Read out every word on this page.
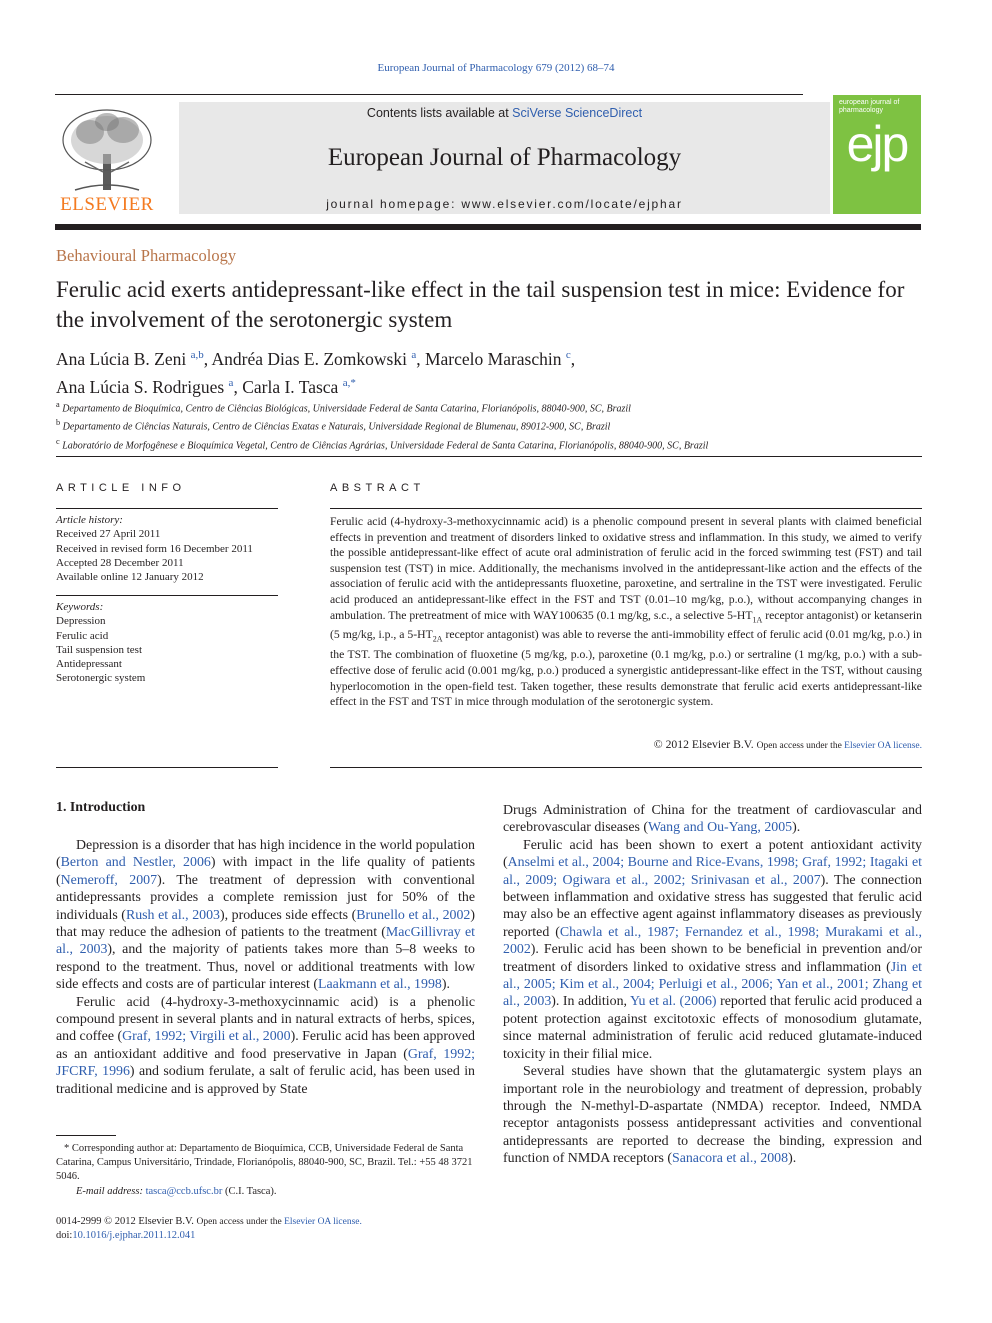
European Journal of Pharmacology 679 (2012) 68–74
ELSEVIER
Contents lists available at SciVerse ScienceDirect
European Journal of Pharmacology
journal homepage: www.elsevier.com/locate/ejphar
european journal of pharmacology
ejp
Behavioural Pharmacology
Ferulic acid exerts antidepressant-like effect in the tail suspension test in mice: Evidence for the involvement of the serotonergic system
Ana Lúcia B. Zeni $^{a,b}$, Andréa Dias E. Zomkowski $^a$, Marcelo Maraschin $^c$,
Ana Lúcia S. Rodrigues $^a$, Carla I. Tasca $^{a,*}$
$^a$ Departamento de Bioquímica, Centro de Ciências Biológicas, Universidade Federal de Santa Catarina, Florianópolis, 88040-900, SC, Brazil
$^b$ Departamento de Ciências Naturais, Centro de Ciências Exatas e Naturais, Universidade Regional de Blumenau, 89012-900, SC, Brazil
$^c$ Laboratório de Morfogênese e Bioquímica Vegetal, Centro de Ciências Agrárias, Universidade Federal de Santa Catarina, Florianópolis, 88040-900, SC, Brazil
ARTICLE INFO
Article history:
Received 27 April 2011
Received in revised form 16 December 2011
Accepted 28 December 2011
Available online 12 January 2012
Keywords:
Depression
Ferulic acid
Tail suspension test
Antidepressant
Serotonergic system
ABSTRACT
Ferulic acid (4-hydroxy-3-methoxycinnamic acid) is a phenolic compound present in several plants with claimed beneficial effects in prevention and treatment of disorders linked to oxidative stress and inflammation. In this study, we aimed to verify the possible antidepressant-like effect of acute oral administration of ferulic acid in the forced swimming test (FST) and tail suspension test (TST) in mice. Additionally, the mechanisms involved in the antidepressant-like action and the effects of the association of ferulic acid with the antidepressants fluoxetine, paroxetine, and sertraline in the TST were investigated. Ferulic acid produced an antidepressant-like effect in the FST and TST (0.01–10 mg/kg, p.o.), without accompanying changes in ambulation. The pretreatment of mice with WAY100635 (0.1 mg/kg, s.c., a selective $5-HT_{1A}$ receptor antagonist) or ketanserin (5 mg/kg, i.p., a $5-HT_{2A}$ receptor antagonist) was able to reverse the anti-immobility effect of ferulic acid (0.01 mg/kg, p.o.) in the TST. The combination of fluoxetine (5 mg/kg, p.o.), paroxetine (0.1 mg/kg, p.o.) or sertraline (1 mg/kg, p.o.) with a sub-effective dose of ferulic acid (0.001 mg/kg, p.o.) produced a synergistic antidepressant-like effect in the TST, without causing hyperlocomotion in the open-field test. Taken together, these results demonstrate that ferulic acid exerts antidepressant-like effect in the FST and TST in mice through modulation of the serotonergic system.
© 2012 Elsevier B.V. Open access under the Elsevier OA license.
1. Introduction

Depression is a disorder that has high incidence in the world population (Berton and Nestler, 2006) with impact in the life quality of patients (Nemeroff, 2007). The treatment of depression with conventional antidepressants provides a complete remission just for 50% of the individuals (Rush et al., 2003), produces side effects (Brunello et al., 2002) that may reduce the adhesion of patients to the treatment (MacGillivray et al., 2003), and the majority of patients takes more than 5–8 weeks to respond to the treatment. Thus, novel or additional treatments with low side effects and costs are of particular interest (Laakmann et al., 1998).

Ferulic acid (4-hydroxy-3-methoxycinnamic acid) is a phenolic compound present in several plants and in natural extracts of herbs, spices, and coffee (Graf, 1992; Virgili et al., 2000). Ferulic acid has been approved as an antioxidant additive and food preservative in Japan (Graf, 1992; JFCRF, 1996) and sodium ferulate, a salt of ferulic acid, has been used in traditional medicine and is approved by State

Drugs Administration of China for the treatment of cardiovascular and cerebrovascular diseases (Wang and Ou-Yang, 2005).

Ferulic acid has been shown to exert a potent antioxidant activity (Anselmi et al., 2004; Bourne and Rice-Evans, 1998; Graf, 1992; Itagaki et al., 2009; Ogiwara et al., 2002; Srinivasan et al., 2007). The connection between inflammation and oxidative stress has suggested that ferulic acid may also be an effective agent against inflammatory diseases as previously reported (Chawla et al., 1987; Fernandez et al., 1998; Murakami et al., 2002). Ferulic acid has been shown to be beneficial in prevention and/or treatment of disorders linked to oxidative stress and inflammation (Jin et al., 2005; Kim et al., 2004; Perluigi et al., 2006; Yan et al., 2001; Zhang et al., 2003). In addition, Yu et al. (2006) reported that ferulic acid produced a potent protection against excitotoxic effects of monosodium glutamate, since maternal administration of ferulic acid reduced glutamate-induced toxicity in their filial mice.

Several studies have shown that the glutamatergic system plays an important role in the neurobiology and treatment of depression, probably through the N-methyl-D-aspartate (NMDA) receptor. Indeed, NMDA receptor antagonists possess antidepressant activities and conventional antidepressants are reported to decrease the binding, expression and function of NMDA receptors (Sanacora et al., 2008).

* Corresponding author at: Departamento de Bioquímica, CCB, Universidade Federal de Santa Catarina, Campus Universitário, Trindade, Florianópolis, 88040-900, SC, Brazil. Tel.: +55 48 3721 5046.
E-mail address: tasca@ccb.ufsc.br (C.I. Tasca).
0014-2999 © 2012 Elsevier B.V. Open access under the Elsevier OA license.
doi:10.1016/j.ejphar.2011.12.041
